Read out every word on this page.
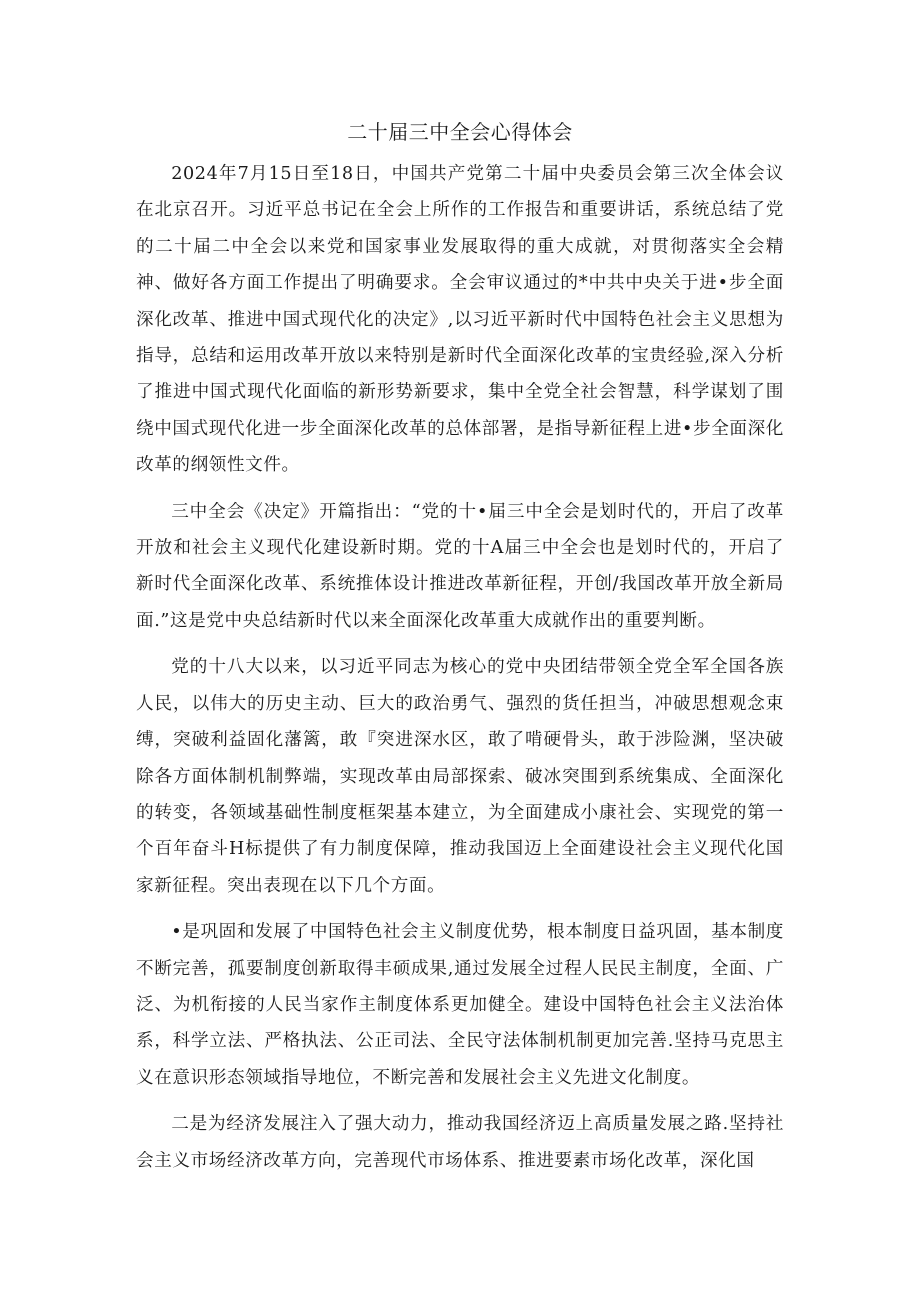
二十届三中全会心得体会

2024年7月15日至18日，中国共产党第二十届中央委员会第三次全体会议在北京召开。习近平总书记在全会上所作的工作报告和重要讲话，系统总结了党的二十届二中全会以来党和国家事业发展取得的重大成就，对贯彻落实全会精神、做好各方面工作提出了明确要求。全会审议通过的*中共中央关于进•步全面深化改革、推进中国式现代化的决定》,以习近平新时代中国特色社会主义思想为指导，总结和运用改革开放以来特别是新时代全面深化改革的宝贵经验,深入分析了推进中国式现代化面临的新形势新要求，集中全党全社会智慧，科学谋划了围绕中国式现代化进一步全面深化改革的总体部署，是指导新征程上进•步全面深化改革的纲领性文件。

三中全会《决定》开篇指出：“党的十•届三中全会是划时代的，开启了改革开放和社会主义现代化建设新时期。党的十A届三中全会也是划时代的，开启了新时代全面深化改革、系统推体设计推进改革新征程，开创/我国改革开放全新局面.”这是党中央总结新时代以来全面深化改革重大成就作出的重要判断。

党的十八大以来，以习近平同志为核心的党中央团结带领全党全军全国各族人民，以伟大的历史主动、巨大的政治勇气、强烈的货任担当，冲破思想观念束缚，突破利益固化藩篱，敢『突进深水区，敢了啃硬骨头，敢于涉险渊，坚决破除各方面体制机制弊端，实现改革由局部探索、破冰突围到系统集成、全面深化的转变，各领域基础性制度框架基本建立，为全面建成小康社会、实现党的第一个百年奋斗H标提供了有力制度保障，推动我国迈上全面建设社会主义现代化国家新征程。突出表现在以下几个方面。

•是巩固和发展了中国特色社会主义制度优势，根本制度日益巩固，基本制度不断完善，孤要制度创新取得丰硕成果,通过发展全过程人民民主制度，全面、广泛、为机衔接的人民当家作主制度体系更加健全。建设中国特色社会主义法治体系，科学立法、严格执法、公正司法、全民守法体制机制更加完善.坚持马克思主义在意识形态领域指导地位，不断完善和发展社会主义先进文化制度。

二是为经济发展注入了强大动力，推动我国经济迈上高质量发展之路.坚持社会主义市场经济改革方向，完善现代市场体系、推进要素市场化改革，深化国
